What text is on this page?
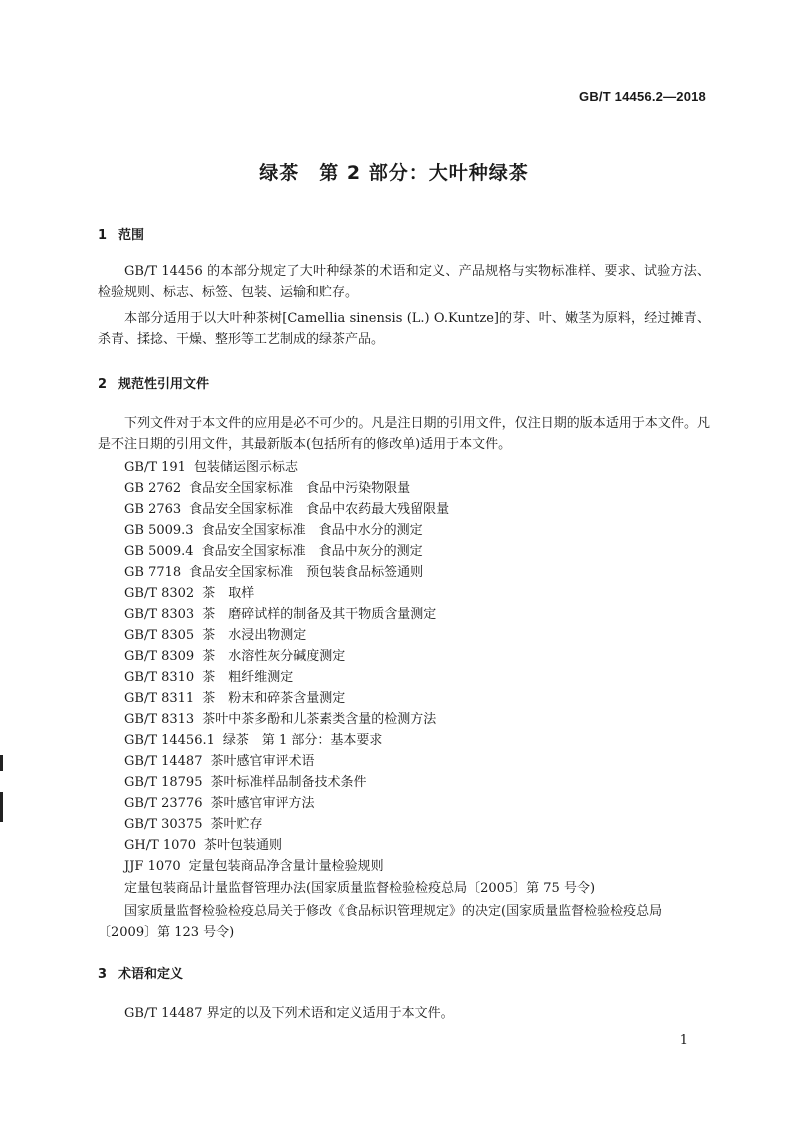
GB/T 14456.2—2018
绿茶　第 2 部分：大叶种绿茶
1 范围
GB/T 14456 的本部分规定了大叶种绿茶的术语和定义、产品规格与实物标准样、要求、试验方法、检验规则、标志、标签、包装、运输和贮存。
本部分适用于以大叶种茶树[Camellia sinensis (L.) O.Kuntze]的芽、叶、嫩茎为原料，经过摊青、杀青、揉捻、干燥、整形等工艺制成的绿茶产品。
2 规范性引用文件
下列文件对于本文件的应用是必不可少的。凡是注日期的引用文件，仅注日期的版本适用于本文件。凡是不注日期的引用文件，其最新版本(包括所有的修改单)适用于本文件。
GB/T 191 包装储运图示标志
GB 2762 食品安全国家标准　食品中污染物限量
GB 2763 食品安全国家标准　食品中农药最大残留限量
GB 5009.3 食品安全国家标准　食品中水分的测定
GB 5009.4 食品安全国家标准　食品中灰分的测定
GB 7718 食品安全国家标准　预包装食品标签通则
GB/T 8302 茶　取样
GB/T 8303 茶　磨碎试样的制备及其干物质含量测定
GB/T 8305 茶　水浸出物测定
GB/T 8309 茶　水溶性灰分碱度测定
GB/T 8310 茶　粗纤维测定
GB/T 8311 茶　粉末和碎茶含量测定
GB/T 8313 茶叶中茶多酚和儿茶素类含量的检测方法
GB/T 14456.1 绿茶　第 1 部分：基本要求
GB/T 14487 茶叶感官审评术语
GB/T 18795 茶叶标准样品制备技术条件
GB/T 23776 茶叶感官审评方法
GB/T 30375 茶叶贮存
GH/T 1070 茶叶包装通则
JJF 1070 定量包装商品净含量计量检验规则
定量包装商品计量监督管理办法(国家质量监督检验检疫总局〔2005〕第 75 号令)
国家质量监督检验检疫总局关于修改《食品标识管理规定》的决定(国家质量监督检验检疫总局〔2009〕第 123 号令)
3 术语和定义
GB/T 14487 界定的以及下列术语和定义适用于本文件。
1
